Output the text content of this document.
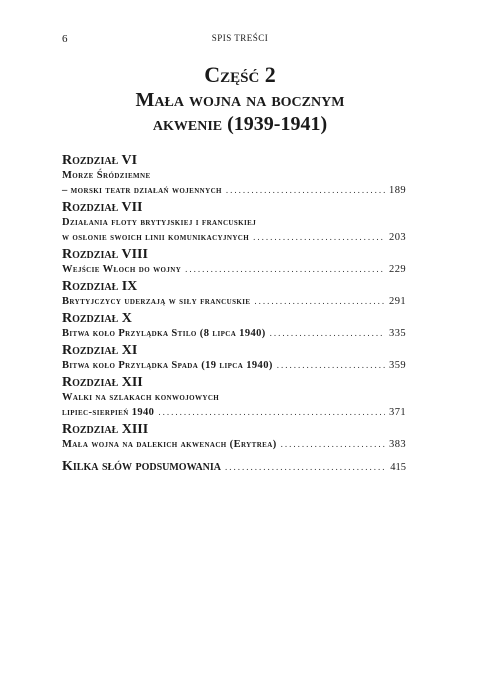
6	SPIS TREŚCI
Część 2
Mała wojna na bocznym
akwenie (1939-1941)
Rozdział VI
Morze Śródziemne
– morski teatr działań wojennych .....	189
Rozdział VII
Działania floty brytyjskiej i francuskiej
w osłonie swoich linii komunikacyjnych .....	203
Rozdział VIII
Wejście Włoch do wojny .....	229
Rozdział IX
Brytyjczycy uderzają w siły francuskie .....	291
Rozdział X
Bitwa koło Przylądka Stilo (8 lipca 1940) .....	335
Rozdział XI
Bitwa koło Przylądka Spada (19 lipca 1940) .....	359
Rozdział XII
Walki na szlakach konwojowych
lipiec-sierpień 1940 .....	371
Rozdział XIII
Mała wojna na dalekich akwenach (Erytrea) .....	383
Kilka słów podsumowania .....	415
